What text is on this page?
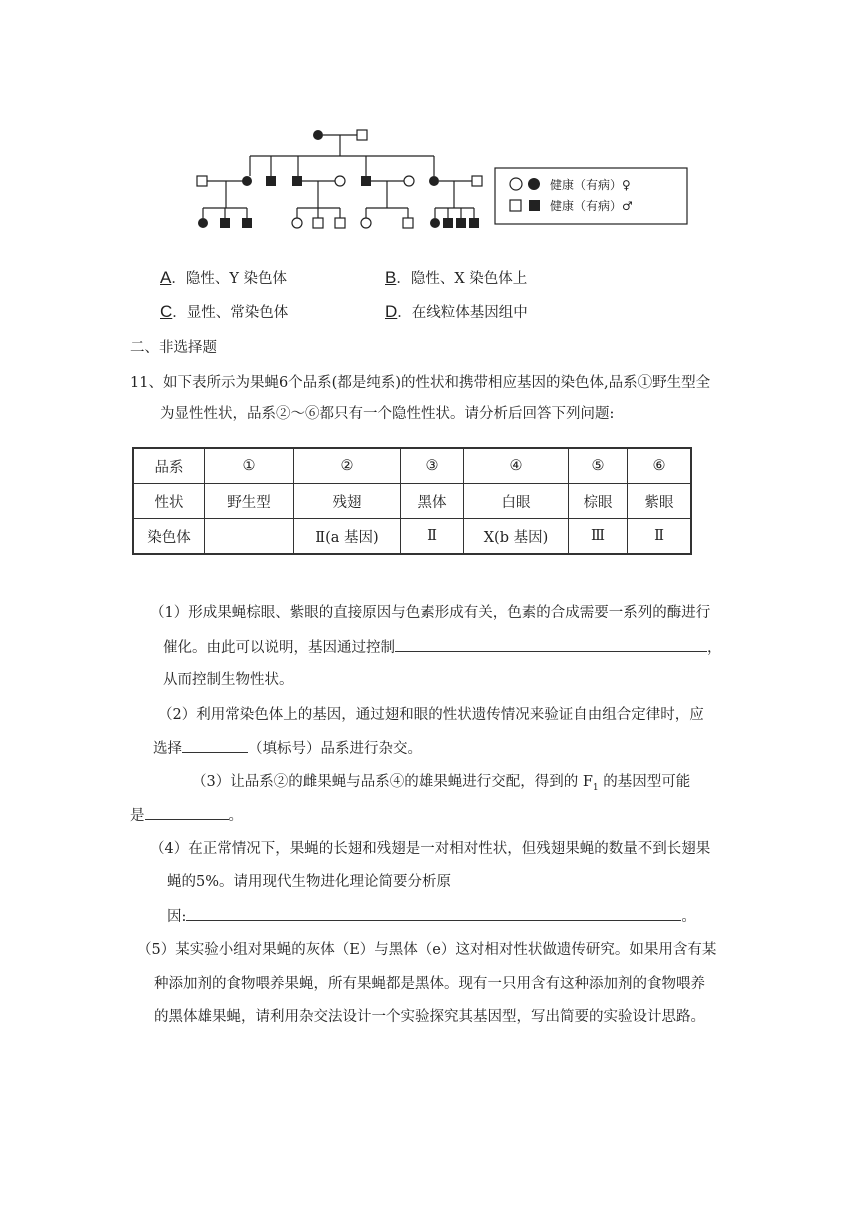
健康（有病）♀
健康（有病）♂
A．隐性、Y 染色体	B．隐性、X 染色体上
C．显性、常染色体	D．在线粒体基因组中
二、非选择题
11、如下表所示为果蝇6个品系(都是纯系)的性状和携带相应基因的染色体,品系①野生型全
为显性性状，品系②～⑥都只有一个隐性性状。请分析后回答下列问题:
品系	①	②	③	④	⑤	⑥
性状	野生型	残翅	黑体	白眼	棕眼	紫眼
染色体		Ⅱ(a 基因)	Ⅱ	X(b 基因)	Ⅲ	Ⅱ
（1）形成果蝇棕眼、紫眼的直接原因与色素形成有关，色素的合成需要一系列的酶进行
催化。由此可以说明，基因通过控制	，
从而控制生物性状。
（2）利用常染色体上的基因，通过翅和眼的性状遗传情况来验证自由组合定律时，应
选择	（填标号）品系进行杂交。
（3）让品系②的雌果蝇与品系④的雄果蝇进行交配，得到的 $F_1$ 的基因型可能
是	。
（4）在正常情况下，果蝇的长翅和残翅是一对相对性状，但残翅果蝇的数量不到长翅果
蝇的5%。请用现代生物进化理论简要分析原
因:	。
（5）某实验小组对果蝇的灰体（E）与黑体（e）这对相对性状做遗传研究。如果用含有某
种添加剂的食物喂养果蝇，所有果蝇都是黑体。现有一只用含有这种添加剂的食物喂养
的黑体雄果蝇，请利用杂交法设计一个实验探究其基因型，写出简要的实验设计思路。
